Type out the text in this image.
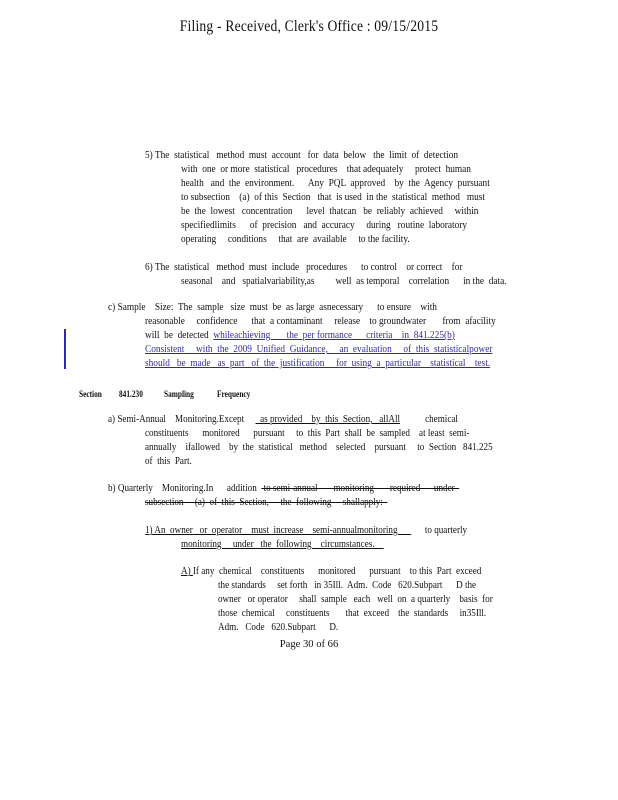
Filing - Received, Clerk's Office : 09/15/2015
5) The  statistical   method  must  account   for  data  below   the  limit  of  detection
with  one  or more  statistical   procedures    that adequately     protect  human
health   and  the  environment.      Any  PQL  approved    by  the  Agency  pursuant
to subsection    (a)  of this  Section   that  is used  in the  statistical  method   must
be  the  lowest   concentration      level  thatcan   be  reliably  achieved     within
specifiedlimits      of  precision   and  accuracy     during   routine  laboratory
operating     conditions     that  are  available     to the facility.
6) The  statistical   method  must  include   procedures      to control    or correct    for
seasonal    and   spatialvariability,as         well  as temporal    correlation      in the  data.
c) Sample    Size:  The  sample   size  must  be  as large  asnecessary      to ensure    with
reasonable     confidence      that  a contaminant     release    to groundwater       from  afacility
will  be  detected  whileachieving       the  per formance      criteria    in  841.225(b)
Consistent     with  the  2009  Unified  Guidance,     an  evaluation     of  this  statisticalpower
should   be  made   as  part   of  the  justification     for  using  a  particular    statistical    test.
Section 841.230 Sampling	Frequency
a) Semi-Annual    Monitoring.Except       as provided    by  this  Section,   allAll           chemical
constituents      monitored      pursuant     to  this  Part  shall  be  sampled    at least  semi-
annually    ifallowed    by  the  statistical   method    selected    pursuant     to  Section   841.225
of  this  Part.
b) Quarterly    Monitoring.In      addition   to semi-annual       monitoring       required      under
subsection     (a)  of  this  Section,     the  following     shallapply:
1) An  owner   or  operator    must  increase    semi-annualmonitoring            to quarterly
monitoring     under   the  following    circumstances.
A) If any  chemical    constituents      monitored      pursuant    to this  Part  exceed
the standards     set forth   in 35Ill.  Adm.  Code   620.Subpart      D the
owner   or operator     shall  sample   each   well  on  a quarterly    basis  for
those  chemical     constituents       that  exceed    the  standards     in35Ill.
Adm.   Code   620.Subpart      D.
Page 30 of 66
